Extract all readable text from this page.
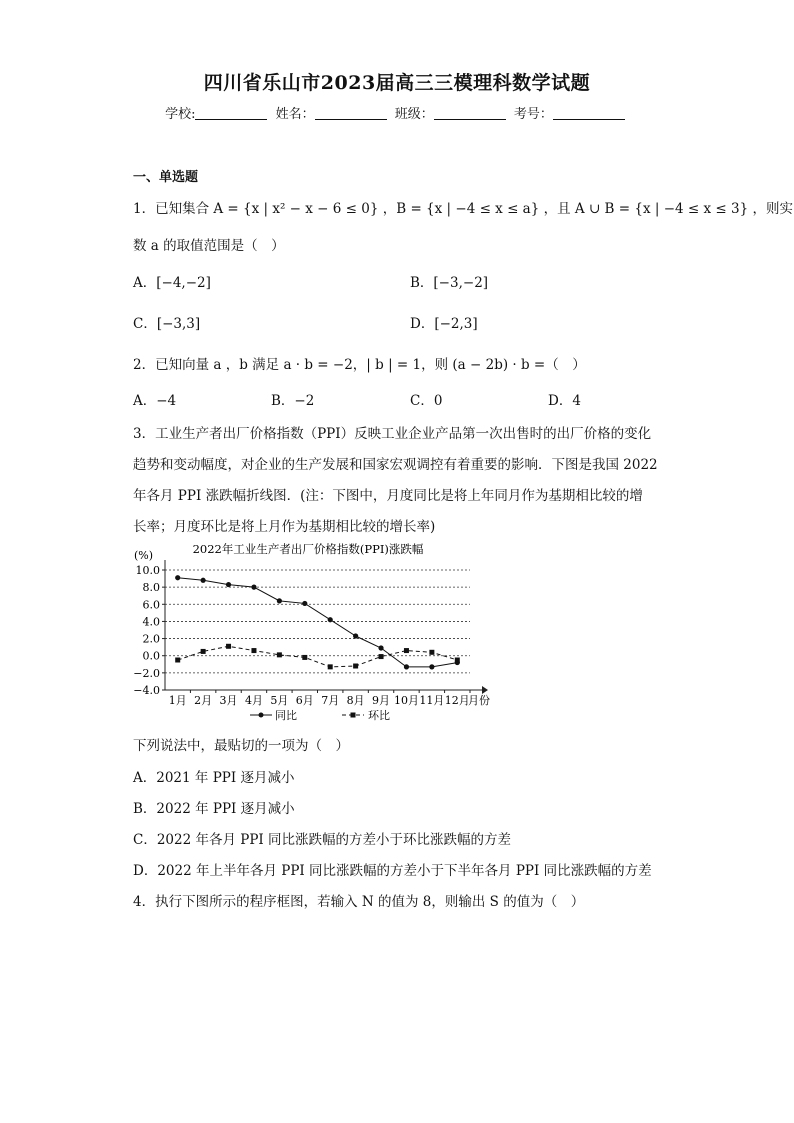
四川省乐山市2023届高三三模理科数学试题
学校:	姓名：	班级：	考号：
一、单选题
1．已知集合 A = {x | x² − x − 6 ≤ 0} ，B = {x | −4 ≤ x ≤ a} ，且 A ∪ B = {x | −4 ≤ x ≤ 3} ，则实
数 a 的取值范围是（　）
A．[−4,−2]	B．[−3,−2]
C．[−3,3]	D．[−2,3]
2．已知向量 a ，b 满足 a · b = −2，| b | = 1，则 (a − 2b) · b =（　）
A．−4	B．−2	C．0	D．4
3．工业生产者出厂价格指数（PPI）反映工业企业产品第一次出售时的出厂价格的变化
趋势和变动幅度，对企业的生产发展和国家宏观调控有着重要的影响．下图是我国 2022
年各月 PPI 涨跌幅折线图．(注：下图中，月度同比是将上年同月作为基期相比较的增
长率；月度环比是将上月作为基期相比较的增长率)
2022年工业生产者出厂价格指数(PPI)涨跌幅
(%)
10.0
8.0
6.0
4.0
2.0
0.0
−2.0
−4.0
1月 2月 3月 4月 5月 6月 7月 8月 9月 10月 11月 12月
月份
同比	环比
下列说法中，最贴切的一项为（　）
A．2021 年 PPI 逐月减小
B．2022 年 PPI 逐月减小
C．2022 年各月 PPI 同比涨跌幅的方差小于环比涨跌幅的方差
D．2022 年上半年各月 PPI 同比涨跌幅的方差小于下半年各月 PPI 同比涨跌幅的方差
4．执行下图所示的程序框图，若输入 N 的值为 8，则输出 S 的值为（　）
